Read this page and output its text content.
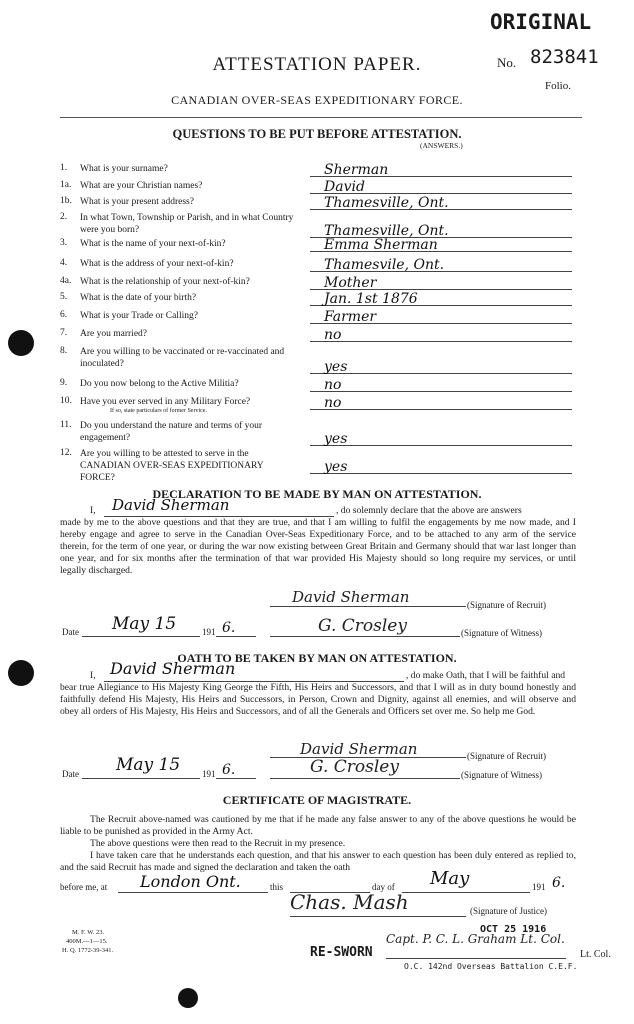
ORIGINAL
No. 823841
Folio.
ATTESTATION PAPER.
CANADIAN OVER-SEAS EXPEDITIONARY FORCE.
QUESTIONS TO BE PUT BEFORE ATTESTATION.
(ANSWERS.)
1.	What is your surname?	Sherman
1a. What are your Christian names?	David
1b. What is your present address?	Thamesville, Ont.
2.	In what Town, Township or Parish, and in what Country were you born?	Thamesville, Ont.
3.	What is the name of your next-of-kin?	Emma Sherman
4.	What is the address of your next-of-kin?	Thamesvile, Ont.
4a. What is the relationship of your next-of-kin?	Mother
5.	What is the date of your birth?	Jan. 1st 1876
6.	What is your Trade or Calling?	Farmer
7.	Are you married?	no
8.	Are you willing to be vaccinated or re-vaccinated and inoculated?	yes
9.	Do you now belong to the Active Militia?	no
10. Have you ever served in any Military Force?
If so, state particulars of former Service.	no
11. Do you understand the nature and terms of your engagement?	yes
12. Are you willing to be attested to serve in the CANADIAN OVER-SEAS EXPEDITIONARY FORCE?
yes
DECLARATION TO BE MADE BY MAN ON ATTESTATION.
I, David Sherman	, do solemnly declare that the above are answers
made by me to the above questions and that they are true, and that I am willing to fulfil the engagements by me now made, and I hereby engage and agree to serve in the Canadian Over-Seas Expeditionary Force, and to be attached to any arm of the service therein, for the term of one year, or during the war now existing between Great Britain and Germany should that war last longer than one year, and for six months after the termination of that war provided His Majesty should so long require my services, or until legally discharged.
David Sherman	(Signature of Recruit)
Date May 15	191 6.	G. Crosley	(Signature of Witness)
OATH TO BE TAKEN BY MAN ON ATTESTATION.
I, David Sherman	, do make Oath, that I will be faithful and
bear true Allegiance to His Majesty King George the Fifth, His Heirs and Successors, and that I will as in duty bound honestly and faithfully defend His Majesty, His Heirs and Successors, in Person, Crown and Dignity, against all enemies, and will observe and obey all orders of His Majesty, His Heirs and Successors, and of all the Generals and Officers set over me. So help me God.
David Sherman	(Signature of Recruit)
Date May 15 191 6.	G. Crosley	(Signature of Witness)
CERTIFICATE OF MAGISTRATE.
The Recruit above-named was cautioned by me that if he made any false answer to any of the above questions he would be liable to be punished as provided in the Army Act.
The above questions were then read to the Recruit in my presence.
I have taken care that he understands each question, and that his answer to each question has been duly entered as replied to, and the said Recruit has made and signed the declaration and taken the oath
before me, at London Ont.	this	day of May	191 6.
Chas. Mash	(Signature of Justice)
M. F. W. 23.
400M.—1—15.
H. Q. 1772-39-341.	RE-SWORN
OCT 25 1916
Capt. P. C. L. Graham Lt. Col.
Lt. Col.
O.C. 142nd Overseas Battalion C.E.F.
